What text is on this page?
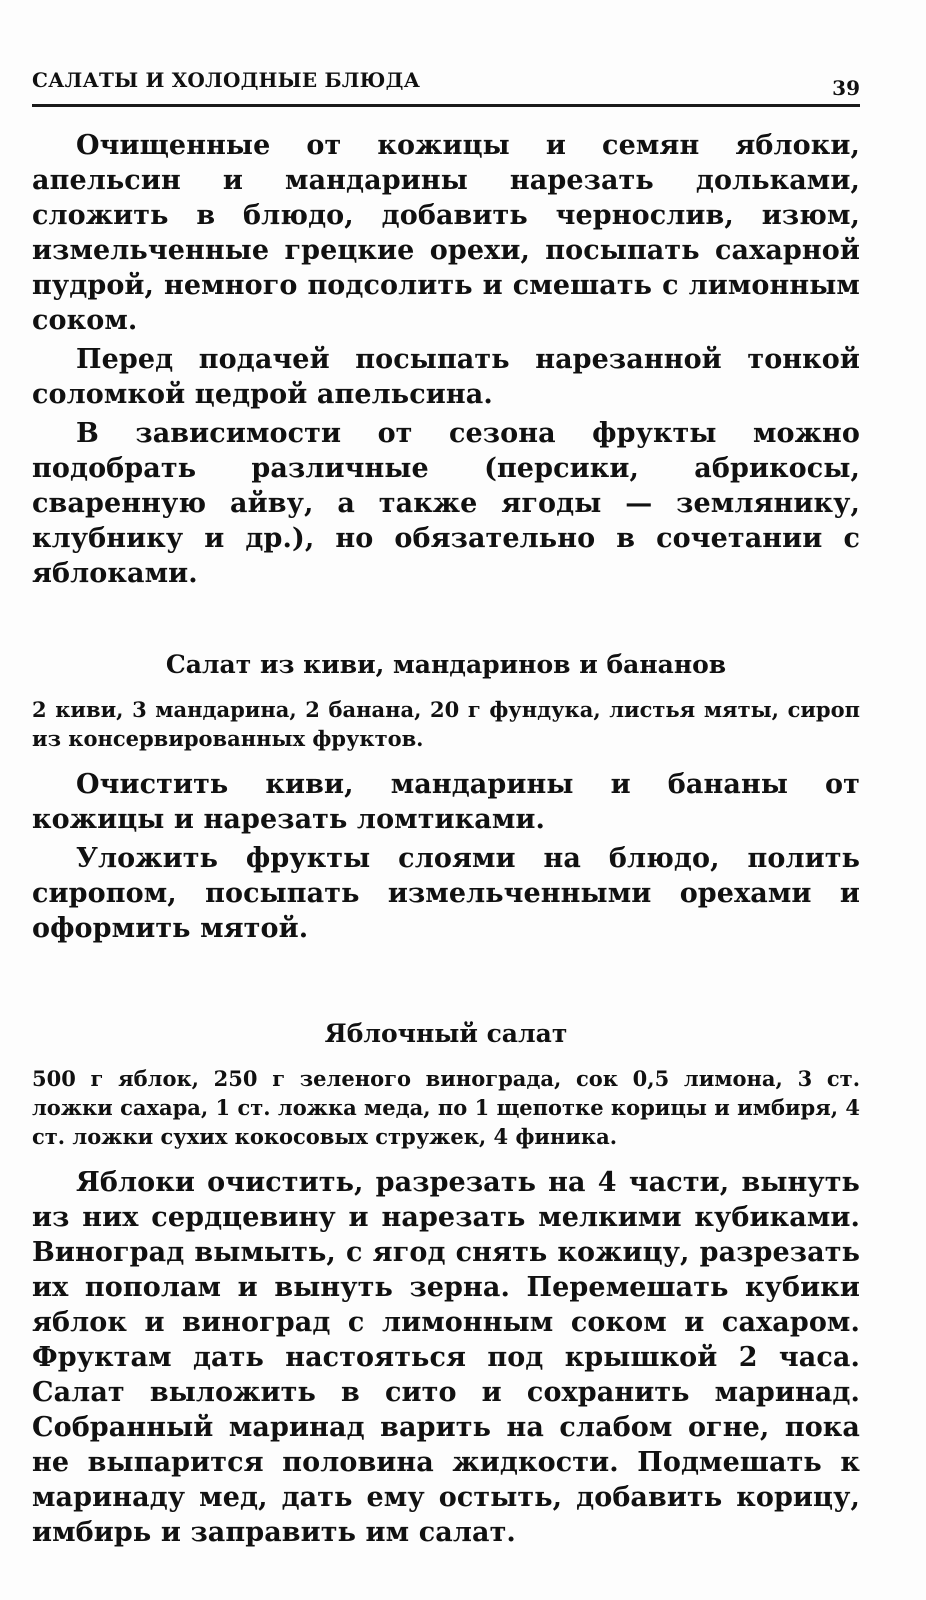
САЛАТЫ И ХОЛОДНЫЕ БЛЮДА	39

Очищенные от кожицы и семян яблоки, апельсин и мандарины нарезать дольками, сложить в блюдо, добавить чернослив, изюм, измельченные грецкие орехи, посыпать сахарной пудрой, немного подсолить и смешать с лимонным соком.

Перед подачей посыпать нарезанной тонкой соломкой цедрой апельсина.

В зависимости от сезона фрукты можно подобрать различные (персики, абрикосы, сваренную айву, а также ягоды — землянику, клубнику и др.), но обязательно в сочетании с яблоками.

Салат из киви, мандаринов и бананов

2 киви, 3 мандарина, 2 банана, 20 г фундука, листья мяты, сироп из консервированных фруктов.

Очистить киви, мандарины и бананы от кожицы и нарезать ломтиками.

Уложить фрукты слоями на блюдо, полить сиропом, посыпать измельченными орехами и оформить мятой.

Яблочный салат

500 г яблок, 250 г зеленого винограда, сок 0,5 лимона, 3 ст. ложки сахара, 1 ст. ложка меда, по 1 щепотке корицы и имбиря, 4 ст. ложки сухих кокосовых стружек, 4 финика.

Яблоки очистить, разрезать на 4 части, вынуть из них сердцевину и нарезать мелкими кубиками. Виноград вымыть, с ягод снять кожицу, разрезать их пополам и вынуть зерна. Перемешать кубики яблок и виноград с лимонным соком и сахаром. Фруктам дать настояться под крышкой 2 часа. Салат выложить в сито и сохранить маринад. Собранный маринад варить на слабом огне, пока не выпарится половина жидкости. Подмешать к маринаду мед, дать ему остыть, добавить корицу, имбирь и заправить им салат.
